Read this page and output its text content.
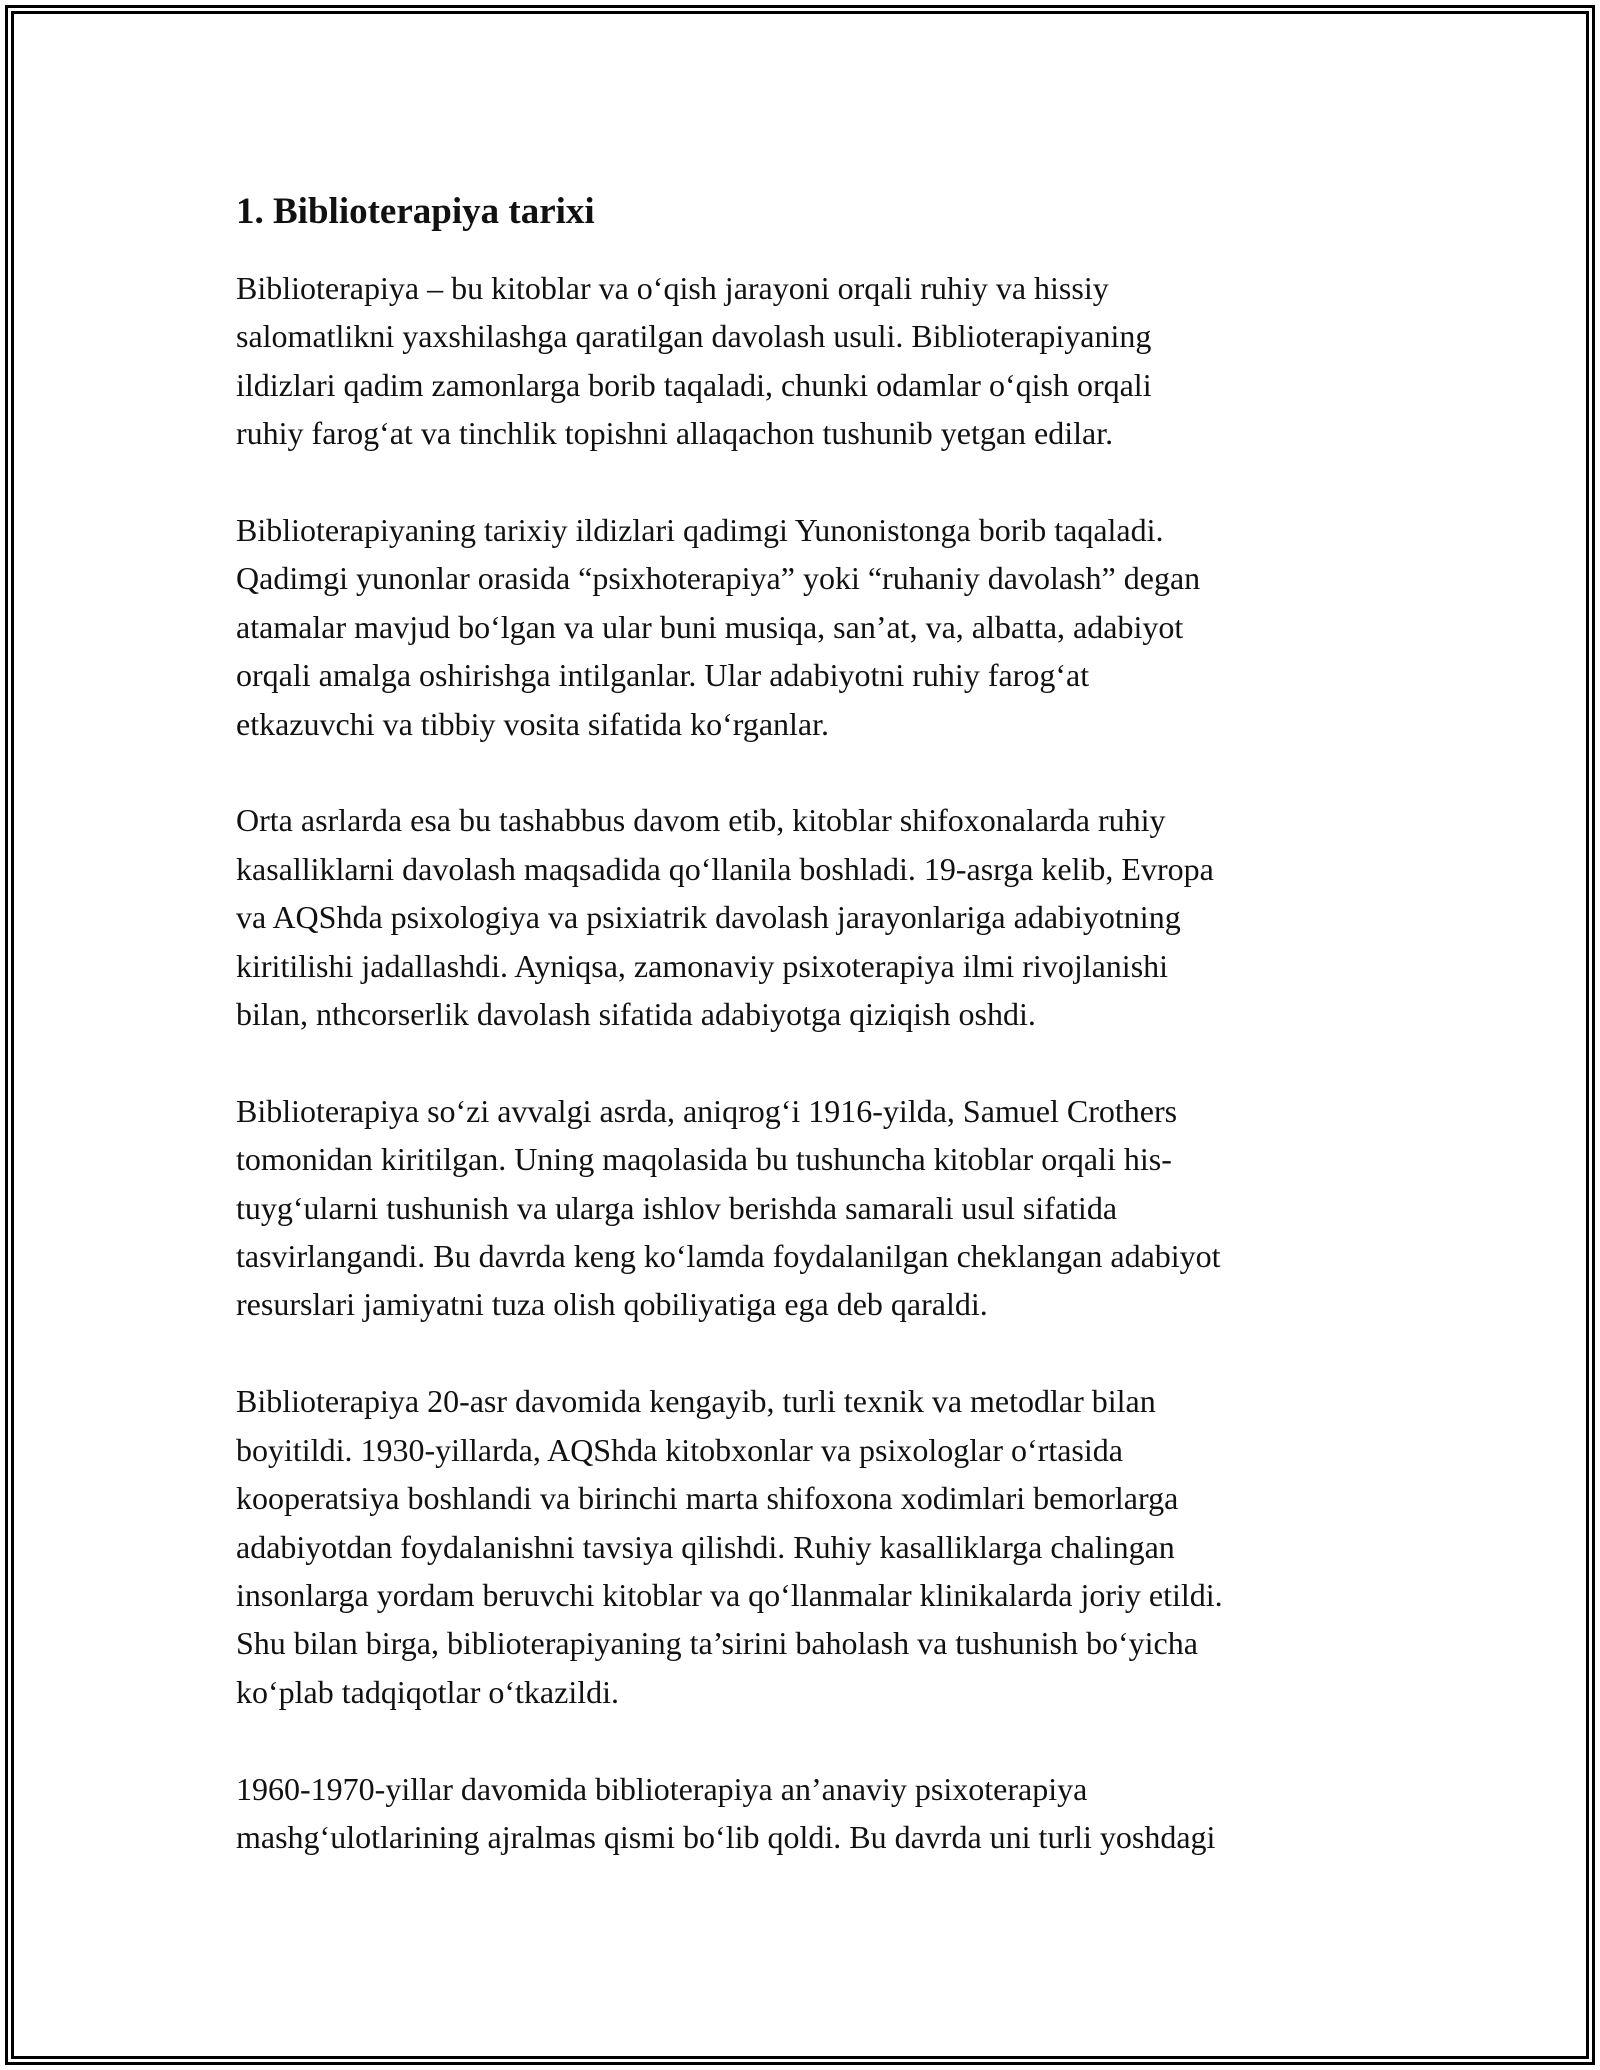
1. Biblioterapiya tarixi

Biblioterapiya – bu kitoblar va o‘qish jarayoni orqali ruhiy va hissiy
salomatlikni yaxshilashga qaratilgan davolash usuli. Biblioterapiyaning
ildizlari qadim zamonlarga borib taqaladi, chunki odamlar o‘qish orqali
ruhiy farog‘at va tinchlik topishni allaqachon tushunib yetgan edilar.

Biblioterapiyaning tarixiy ildizlari qadimgi Yunonistonga borib taqaladi.
Qadimgi yunonlar orasida “psixhoterapiya” yoki “ruhaniy davolash” degan
atamalar mavjud bo‘lgan va ular buni musiqa, san’at, va, albatta, adabiyot
orqali amalga oshirishga intilganlar. Ular adabiyotni ruhiy farog‘at
etkazuvchi va tibbiy vosita sifatida ko‘rganlar.

Orta asrlarda esa bu tashabbus davom etib, kitoblar shifoxonalarda ruhiy
kasalliklarni davolash maqsadida qo‘llanila boshladi. 19-asrga kelib, Evropa
va AQShda psixologiya va psixiatrik davolash jarayonlariga adabiyotning
kiritilishi jadallashdi. Ayniqsa, zamonaviy psixoterapiya ilmi rivojlanishi
bilan, nthcorserlik davolash sifatida adabiyotga qiziqish oshdi.

Biblioterapiya so‘zi avvalgi asrda, aniqrog‘i 1916-yilda, Samuel Crothers
tomonidan kiritilgan. Uning maqolasida bu tushuncha kitoblar orqali his-
tuyg‘ularni tushunish va ularga ishlov berishda samarali usul sifatida
tasvirlangandi. Bu davrda keng ko‘lamda foydalanilgan cheklangan adabiyot
resurslari jamiyatni tuza olish qobiliyatiga ega deb qaraldi.

Biblioterapiya 20-asr davomida kengayib, turli texnik va metodlar bilan
boyitildi. 1930-yillarda, AQShda kitobxonlar va psixologlar o‘rtasida
kooperatsiya boshlandi va birinchi marta shifoxona xodimlari bemorlarga
adabiyotdan foydalanishni tavsiya qilishdi. Ruhiy kasalliklarga chalingan
insonlarga yordam beruvchi kitoblar va qo‘llanmalar klinikalarda joriy etildi.
Shu bilan birga, biblioterapiyaning ta’sirini baholash va tushunish bo‘yicha
ko‘plab tadqiqotlar o‘tkazildi.

1960-1970-yillar davomida biblioterapiya an’anaviy psixoterapiya
mashg‘ulotlarining ajralmas qismi bo‘lib qoldi. Bu davrda uni turli yoshdagi
